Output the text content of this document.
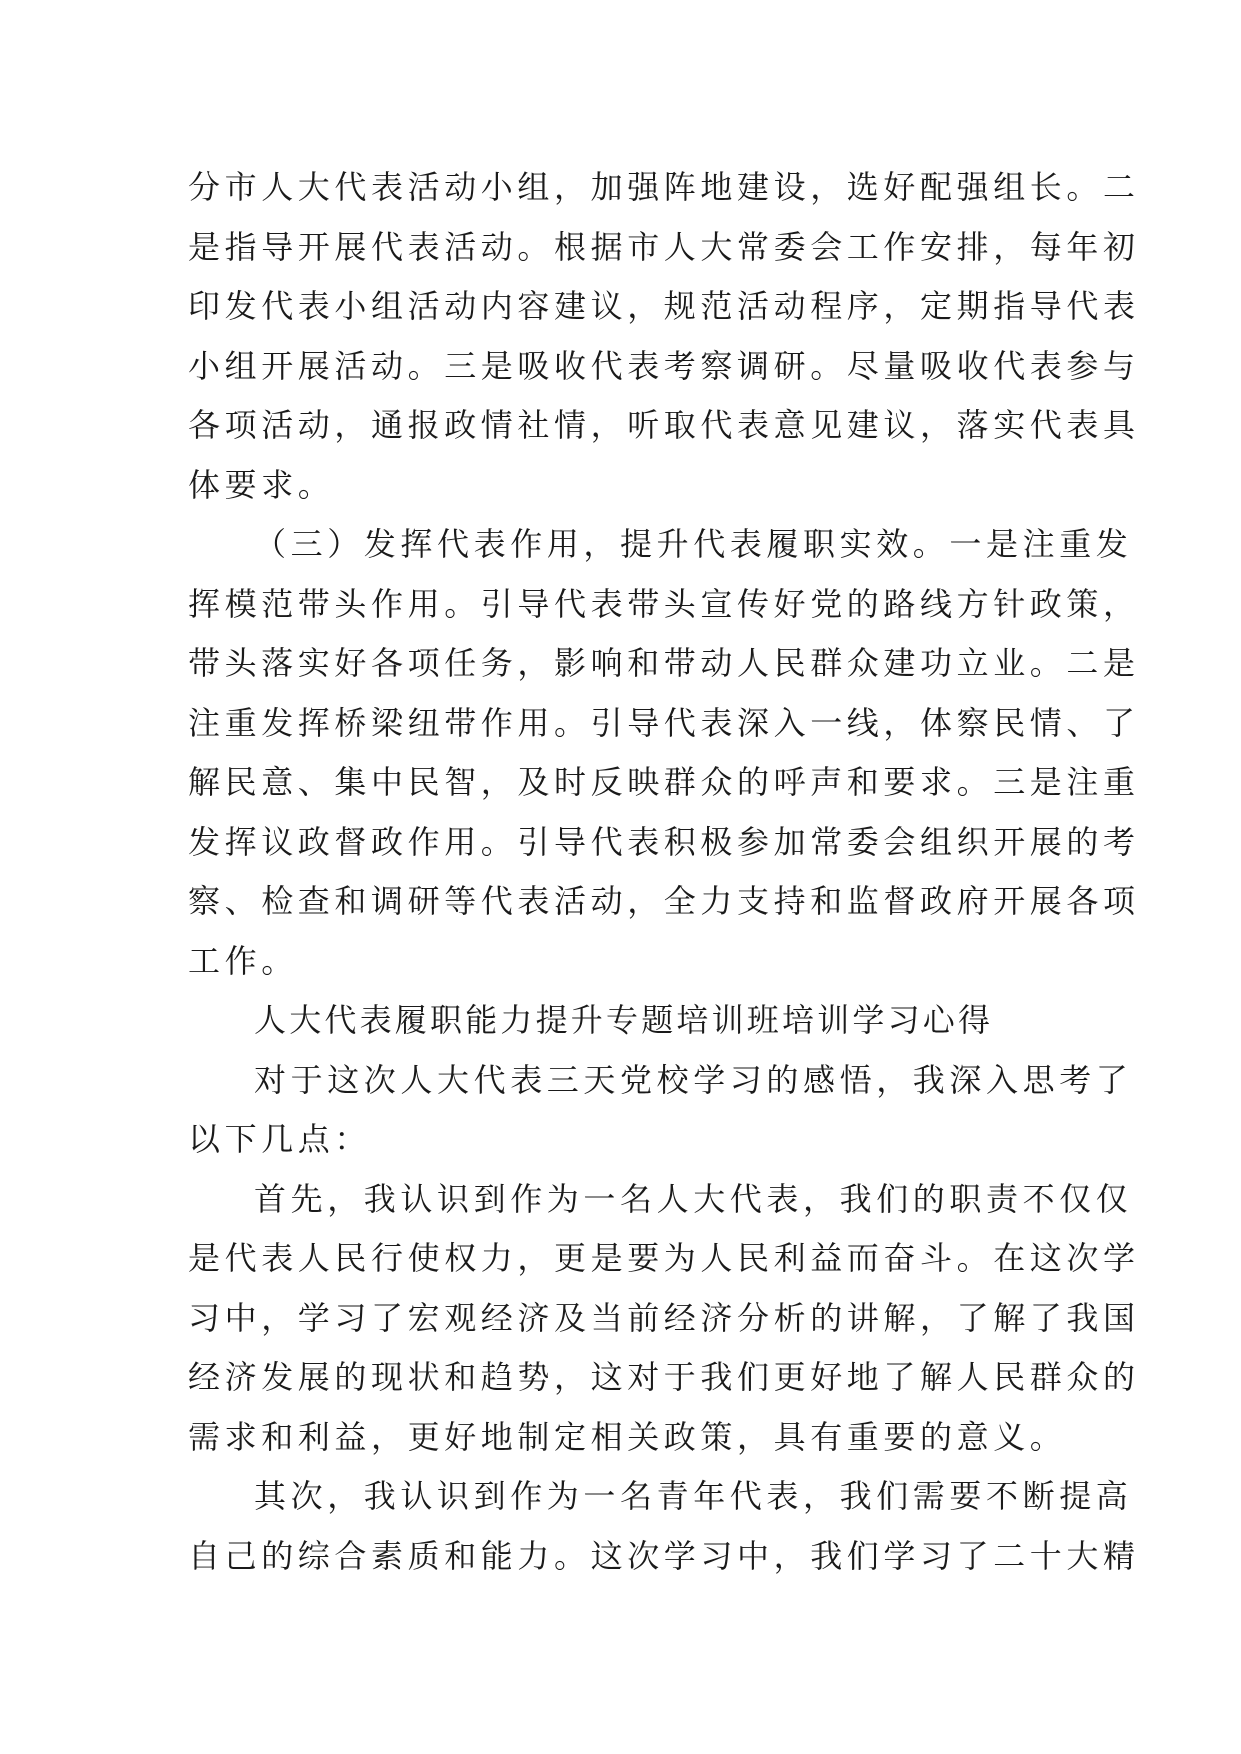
分市人大代表活动小组，加强阵地建设，选好配强组长。二
是指导开展代表活动。根据市人大常委会工作安排，每年初
印发代表小组活动内容建议，规范活动程序，定期指导代表
小组开展活动。三是吸收代表考察调研。尽量吸收代表参与
各项活动，通报政情社情，听取代表意见建议，落实代表具
体要求。
（三）发挥代表作用，提升代表履职实效。一是注重发
挥模范带头作用。引导代表带头宣传好党的路线方针政策，
带头落实好各项任务，影响和带动人民群众建功立业。二是
注重发挥桥梁纽带作用。引导代表深入一线，体察民情、了
解民意、集中民智，及时反映群众的呼声和要求。三是注重
发挥议政督政作用。引导代表积极参加常委会组织开展的考
察、检查和调研等代表活动，全力支持和监督政府开展各项
工作。
人大代表履职能力提升专题培训班培训学习心得
对于这次人大代表三天党校学习的感悟，我深入思考了
以下几点：
首先，我认识到作为一名人大代表，我们的职责不仅仅
是代表人民行使权力，更是要为人民利益而奋斗。在这次学
习中，学习了宏观经济及当前经济分析的讲解，了解了我国
经济发展的现状和趋势，这对于我们更好地了解人民群众的
需求和利益，更好地制定相关政策，具有重要的意义。
其次，我认识到作为一名青年代表，我们需要不断提高
自己的综合素质和能力。这次学习中，我们学习了二十大精
